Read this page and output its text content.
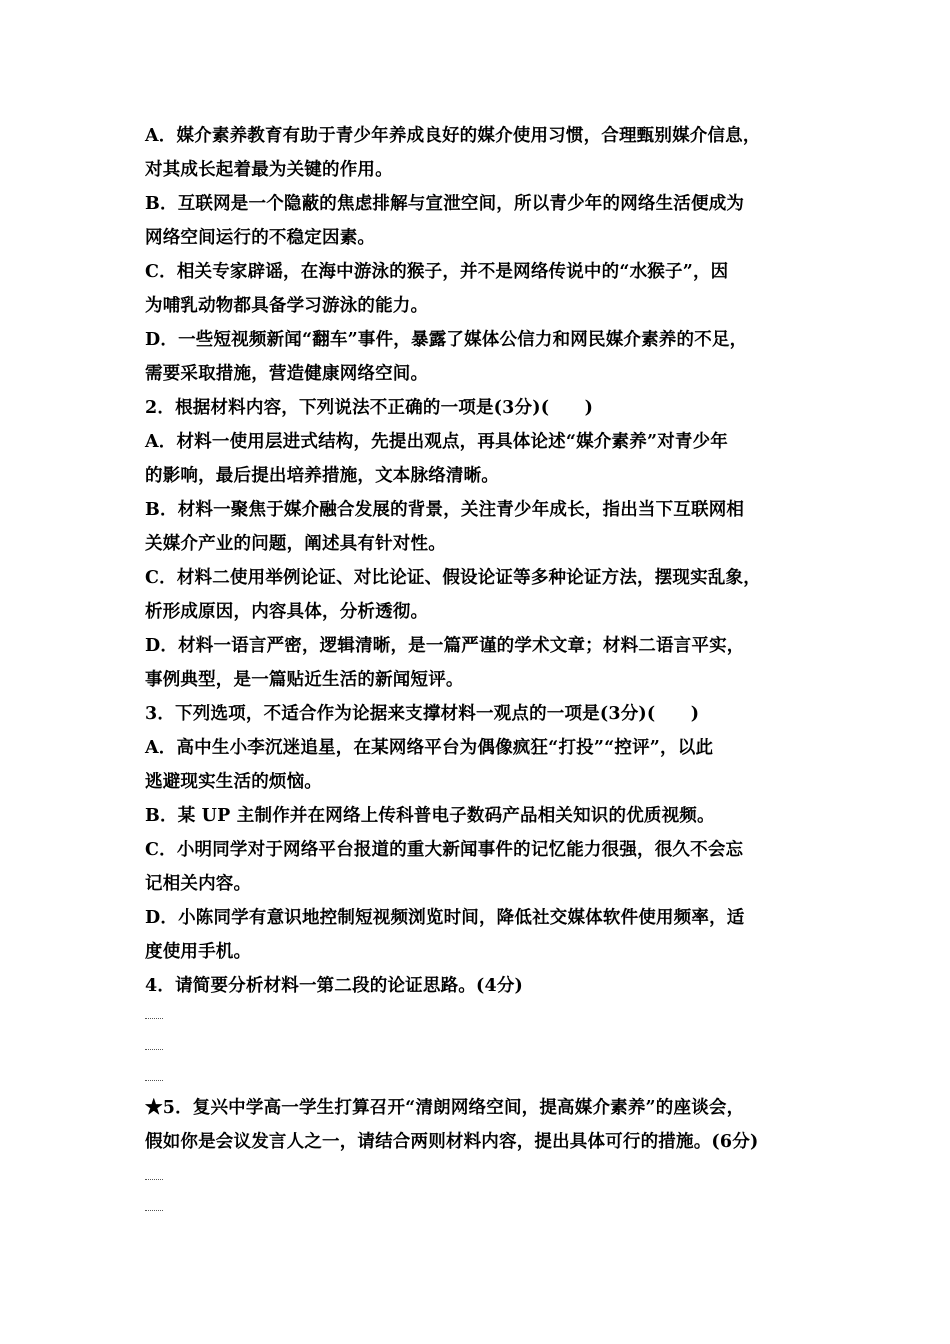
A．媒介素养教育有助于青少年养成良好的媒介使用习惯，合理甄别媒介信息，
对其成长起着最为关键的作用。
B．互联网是一个隐蔽的焦虑排解与宣泄空间，所以青少年的网络生活便成为
网络空间运行的不稳定因素。
C．相关专家辟谣，在海中游泳的猴子，并不是网络传说中的“水猴子”，因
为哺乳动物都具备学习游泳的能力。
D．一些短视频新闻“翻车”事件，暴露了媒体公信力和网民媒介素养的不足，
需要采取措施，营造健康网络空间。
2．根据材料内容，下列说法不正确的一项是(3分)(　　)
A．材料一使用层进式结构，先提出观点，再具体论述“媒介素养”对青少年
的影响，最后提出培养措施，文本脉络清晰。
B．材料一聚焦于媒介融合发展的背景，关注青少年成长，指出当下互联网相
关媒介产业的问题，阐述具有针对性。
C．材料二使用举例论证、对比论证、假设论证等多种论证方法，摆现实乱象，
析形成原因，内容具体，分析透彻。
D．材料一语言严密，逻辑清晰，是一篇严谨的学术文章；材料二语言平实，
事例典型，是一篇贴近生活的新闻短评。
3．下列选项，不适合作为论据来支撑材料一观点的一项是(3分)(　　)
A．高中生小李沉迷追星，在某网络平台为偶像疯狂“打投”“控评”，以此
逃避现实生活的烦恼。
B．某 UP 主制作并在网络上传科普电子数码产品相关知识的优质视频。
C．小明同学对于网络平台报道的重大新闻事件的记忆能力很强，很久不会忘
记相关内容。
D．小陈同学有意识地控制短视频浏览时间，降低社交媒体软件使用频率，适
度使用手机。
4．请简要分析材料一第二段的论证思路。(4分)
★5．复兴中学高一学生打算召开“清朗网络空间，提高媒介素养”的座谈会，
假如你是会议发言人之一，请结合两则材料内容，提出具体可行的措施。(6分)
